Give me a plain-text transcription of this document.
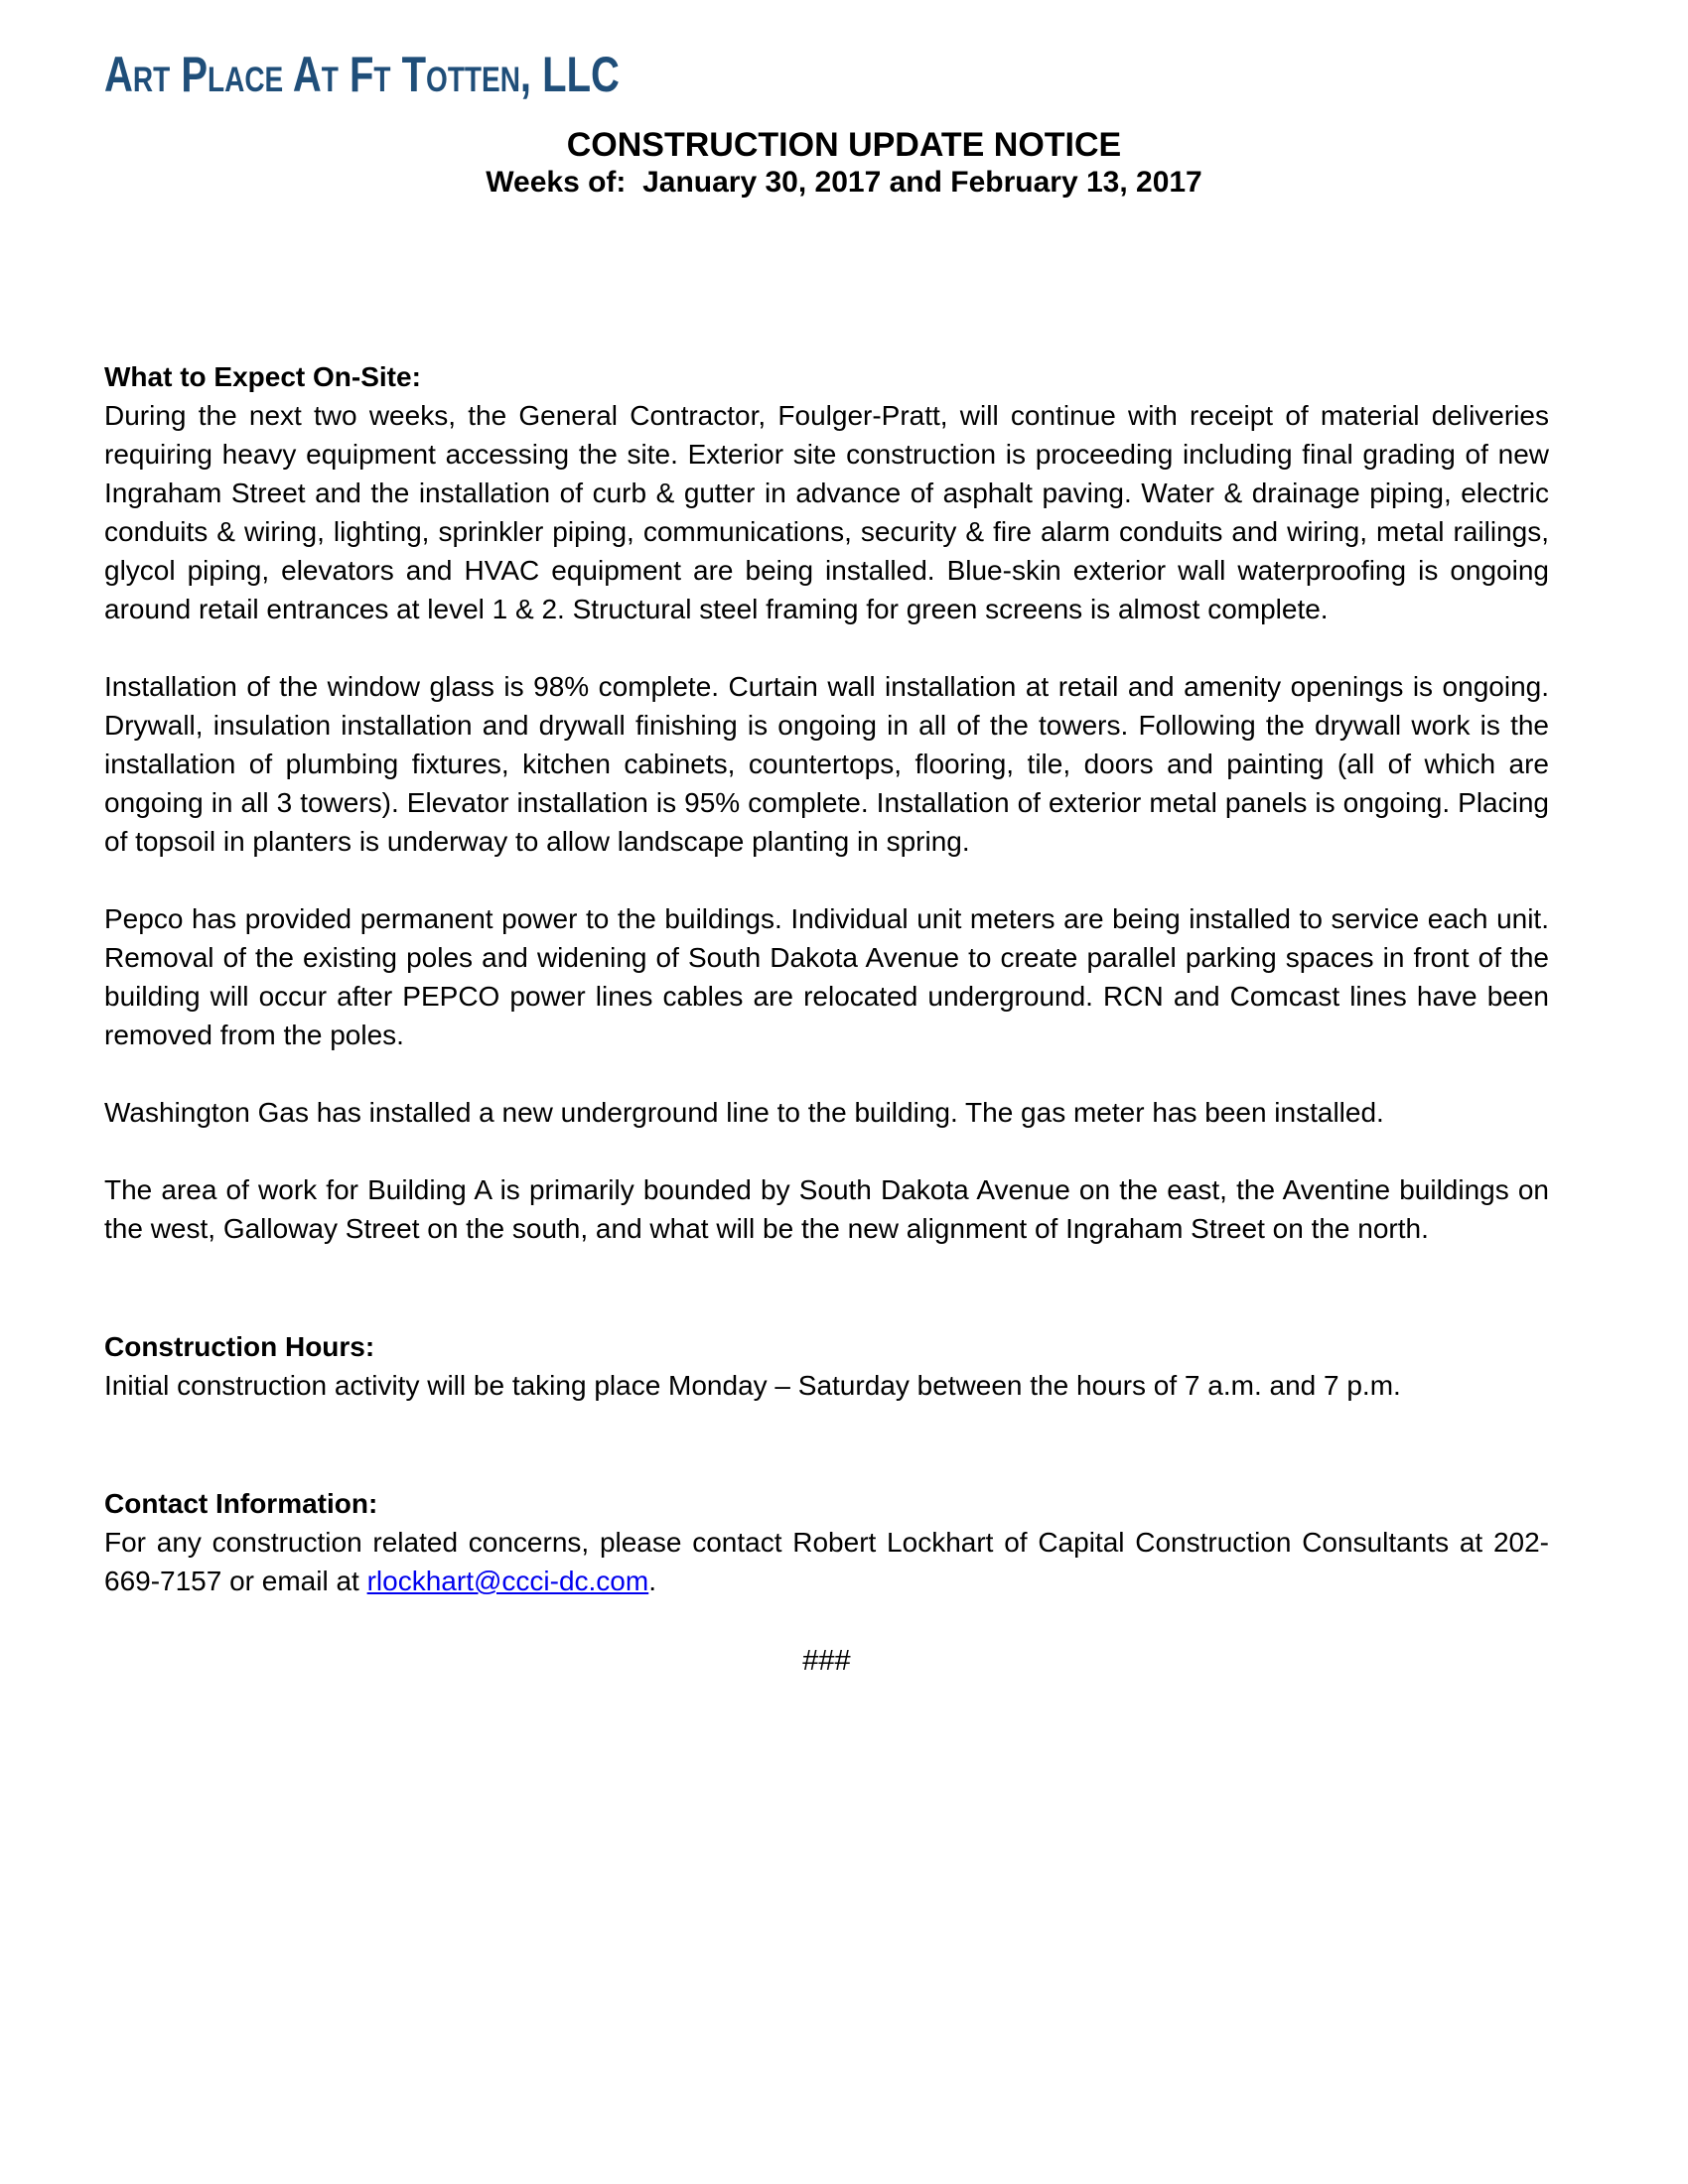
Art Place At Ft Totten, LLC
CONSTRUCTION UPDATE NOTICE
Weeks of:  January 30, 2017 and February 13, 2017
What to Expect On-Site:

During the next two weeks, the General Contractor, Foulger-Pratt, will continue with receipt of material deliveries requiring heavy equipment accessing the site. Exterior site construction is proceeding including final grading of new Ingraham Street and the installation of curb & gutter in advance of asphalt paving. Water & drainage piping, electric conduits & wiring, lighting, sprinkler piping, communications, security & fire alarm conduits and wiring, metal railings, glycol piping, elevators and HVAC equipment are being installed. Blue-skin exterior wall waterproofing is ongoing around retail entrances at level 1 & 2. Structural steel framing for green screens is almost complete.

Installation of the window glass is 98% complete. Curtain wall installation at retail and amenity openings is ongoing. Drywall, insulation installation and drywall finishing is ongoing in all of the towers. Following the drywall work is the installation of plumbing fixtures, kitchen cabinets, countertops, flooring, tile, doors and painting (all of which are ongoing in all 3 towers). Elevator installation is 95% complete. Installation of exterior metal panels is ongoing. Placing of topsoil in planters is underway to allow landscape planting in spring.

Pepco has provided permanent power to the buildings. Individual unit meters are being installed to service each unit. Removal of the existing poles and widening of South Dakota Avenue to create parallel parking spaces in front of the building will occur after PEPCO power lines cables are relocated underground. RCN and Comcast lines have been removed from the poles.

Washington Gas has installed a new underground line to the building. The gas meter has been installed.

The area of work for Building A is primarily bounded by South Dakota Avenue on the east, the Aventine buildings on the west, Galloway Street on the south, and what will be the new alignment of Ingraham Street on the north.

Construction Hours:

Initial construction activity will be taking place Monday – Saturday between the hours of 7 a.m. and 7 p.m.

Contact Information:

For any construction related concerns, please contact Robert Lockhart of Capital Construction Consultants at 202-669-7157 or email at rlockhart@ccci-dc.com.

###
